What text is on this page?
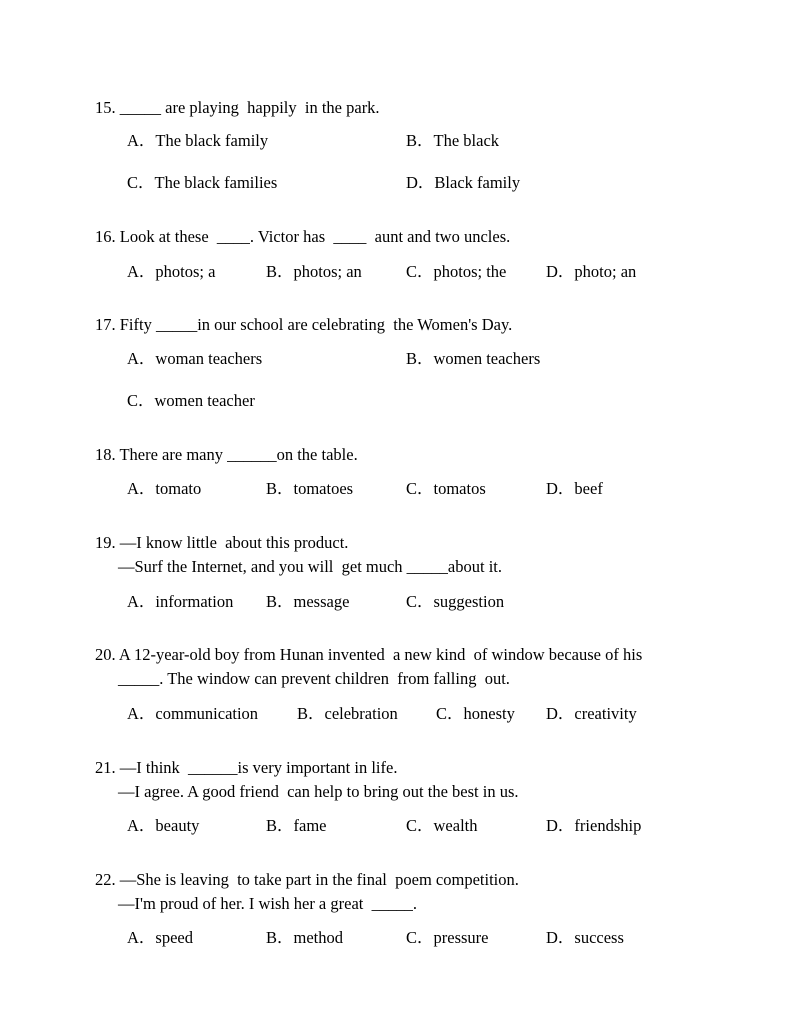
15. _____ are playing  happily  in the park.
A．The black family	B．The black
C．The black families	D．Black family
16. Look at these  ____. Victor has  ____  aunt and two uncles.
A．photos; a	B．photos; an	C．photos; the D．photo; an
17. Fifty _____in our school are celebrating  the Women's Day.
A．woman teachers	B．women teachers
C．women teacher
18. There are many ______on the table.
A．tomato	B．tomatoes	C．tomatos	D．beef
19. —I know little  about this product.
—Surf the Internet, and you will  get much _____about it.
A．information B．message	C．suggestion
20. A 12-year-old boy from Hunan invented  a new kind  of window because of his
_____. The window can prevent children  from falling  out.
A．communication B．celebration C．honesty D．creativity
21. —I think  ______is very important in life.
—I agree. A good friend  can help to bring out the best in us.
A．beauty	B．fame	C．wealth	D．friendship
22. —She is leaving  to take part in the final  poem competition.
—I'm proud of her. I wish her a great  _____.
A．speed	B．method	C．pressure	D．success
